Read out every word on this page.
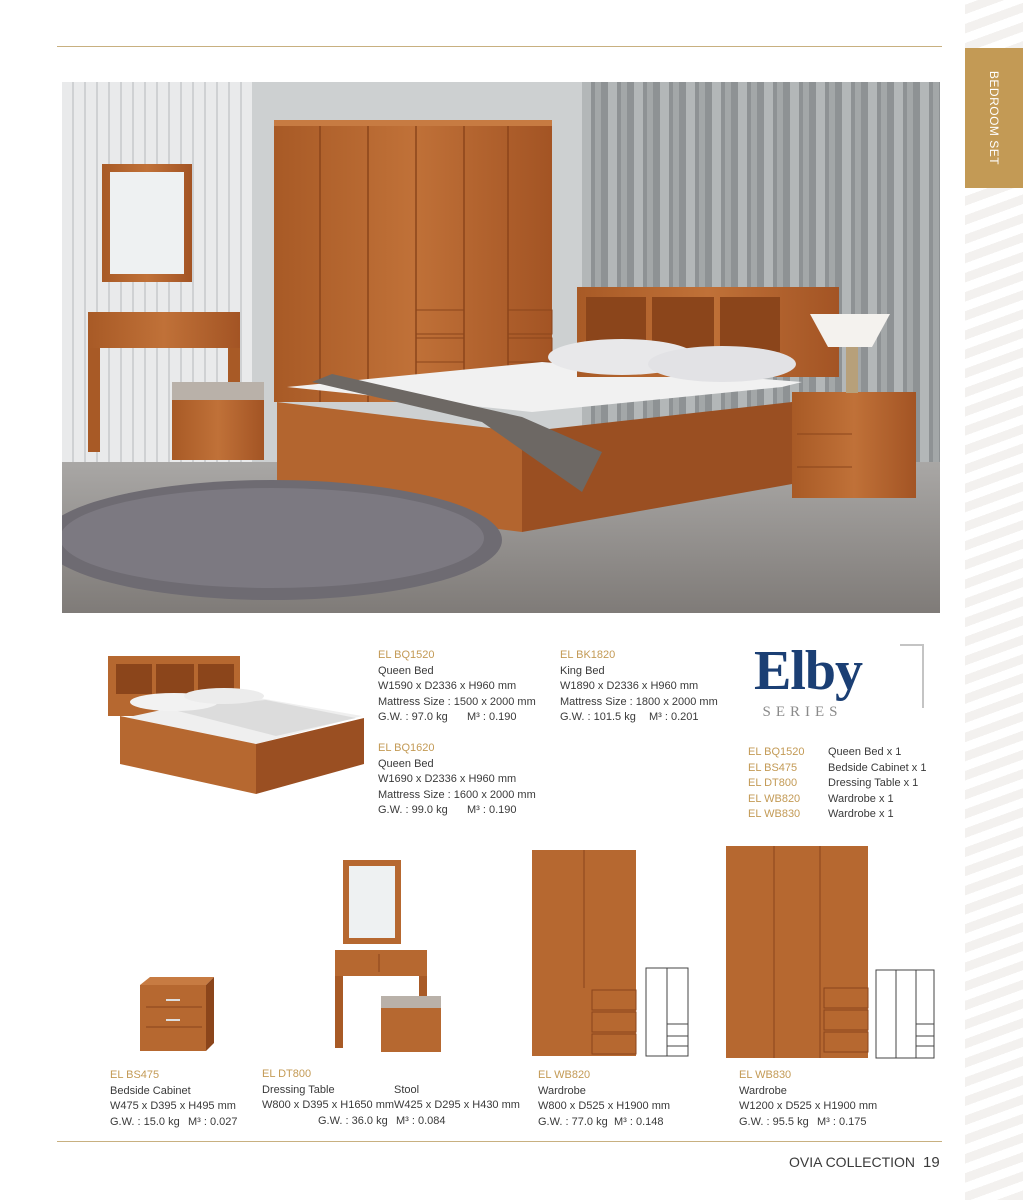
BEDROOM SET
EL BQ1520
Queen Bed
W1590 x D2336 x H960 mm
Mattress Size : 1500 x 2000 mm
G.W. : 97.0 kg M³ : 0.190
EL BK1820
King Bed
W1890 x D2336 x H960 mm
Mattress Size : 1800 x 2000 mm
G.W. : 101.5 kg M³ : 0.201
EL BQ1620
Queen Bed
W1690 x D2336 x H960 mm
Mattress Size : 1600 x 2000 mm
G.W. : 99.0 kg M³ : 0.190
Elby
SERIES
EL BQ1520	Queen Bed x 1
EL BS475	Bedside Cabinet x 1
EL DT800	Dressing Table x 1
EL WB820	Wardrobe x 1
EL WB830	Wardrobe x 1
EL BS475
Bedside Cabinet
W475 x D395 x H495 mm
G.W. : 15.0 kg M³ : 0.027
EL DT800
Dressing Table	Stool
W800 x D395 x H1650 mm W425 x D295 x H430 mm
G.W. : 36.0 kg M³ : 0.084
EL WB820
Wardrobe
W800 x D525 x H1900 mm
G.W. : 77.0 kg M³ : 0.148
EL WB830
Wardrobe
W1200 x D525 x H1900 mm
G.W. : 95.5 kg M³ : 0.175
OVIA COLLECTION 19
